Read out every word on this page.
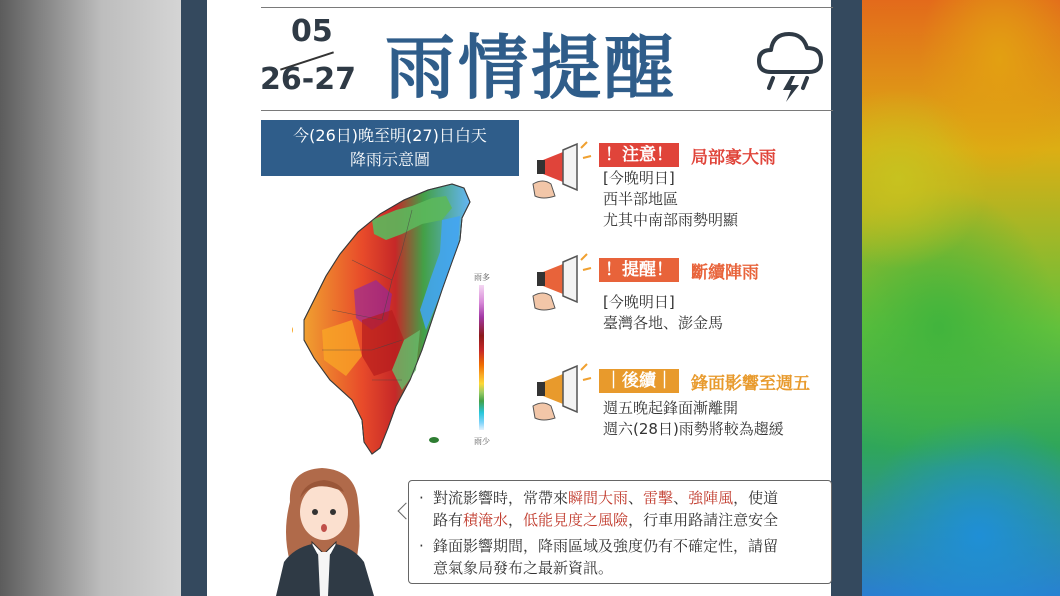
05
26-27 雨情提醒
今(26日)晚至明(27)日白天
降雨示意圖
雨多
雨少
！注意！	局部豪大雨
[今晚明日]
西半部地區
尤其中南部雨勢明顯
！提醒！	斷續陣雨
[今晚明日]
臺灣各地、澎金馬
｜後續｜	鋒面影響至週五
週五晚起鋒面漸離開
週六(28日)雨勢將較為趨緩
· 對流影響時，常帶來瞬間大雨、雷擊、強陣風，使道
路有積淹水，低能見度之風險，行車用路請注意安全
· 鋒面影響期間，降雨區域及強度仍有不確定性，請留
意氣象局發布之最新資訊。
